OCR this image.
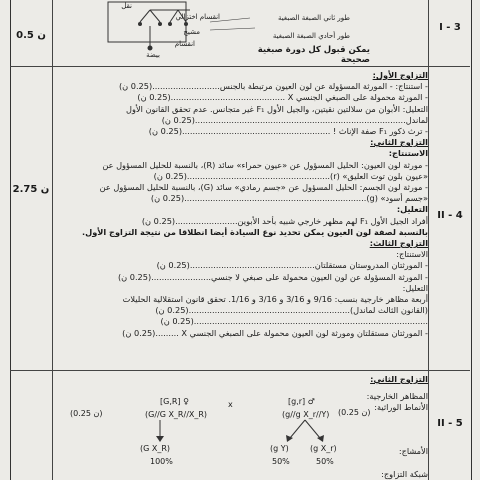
I - 3
0.5 ن
انقسام اختزالي
مشيج
نقل
انقسام
بيضة
طور ثاني الصبغة الصبغية
طور أحادي الصبغة الصبغية
يمكن قبول كل دورة صبغية صحيحة
II - 4
2.75 ن
التزاوج الأول:
- استنتاج: - المورثة المسؤولة عن لون العيون مرتبطة بالجنس..........................(0.25 ن)
- المورثة محمولة على الصبغي الجنسي X ............................................(0.25 ن)
التعليل: الأبوان من سلالتين نقيتين، والجيل الأول F₁ غير متجانس. عدم تحقق القانون الأول
لماندل.................................................................................(0.25 ن)
- ترث ذكور F₁ صفة الإناث ! .........................................................(0.25 ن)
التزاوج الثاني:
الاستنتاج:
- مورثة لون العيون: الحليل المسؤول عن «عيون حمراء» سائد (R)، بالنسبة للحليل المسؤول عن
«عيون بلون توت العليق» (r).......................................................(0.25 ن)
- مورثة لون الجسم: الحليل المسؤول عن «جسم رمادي» سائد (G)، بالنسبة للحليل المسؤول عن
«جسم أسود» (g)......................................................................(0.25 ن)
التعليل:
أفراد الجيل الأول F₁ لهم مظهر خارجي شبيه بأحد الأبوين........................(0.25 ن)
بالنسبة لصفة لون العيون يمكن تحديد نوع السيادة أيضا انطلاقا من نتيجة التزاوج الأول.
التزاوج الثالث:
الاستنتاج:
- المورثتان المدروستان مستقلتان................................................(0.25 ن)
- المورثة المسؤولة عن لون العيون محمولة على صبغي لا جنسي.......................(0.25 ن)
التعليل:
أربعة مظاهر خارجية بنسب: 9/16 و 3/16 و 3/16 و 1/16. تحقق قانون استقلالية الحليلات
(القانون الثالث لماندل)..............................................................(0.25 ن)
..........................................................................................(0.25 ن)
- المورثتان مستقلتان ومورثة لون العيون محمولة على الصبغي الجنسي X .........(0.25 ن)
II - 5
التزاوج الثاني:
المظاهر الخارجية:
الأنماط الوراثية:
الأمشاج:
شبكة التزاوج:
[G,R] ♀	x	[g,r] ♂
(G//G X_R//X_R)	(g//g X_r//Y)
(0.25 ن)	(0.25 ن)
(G X_R)	(g Y)	(g X_r)
100%	50%	50%
